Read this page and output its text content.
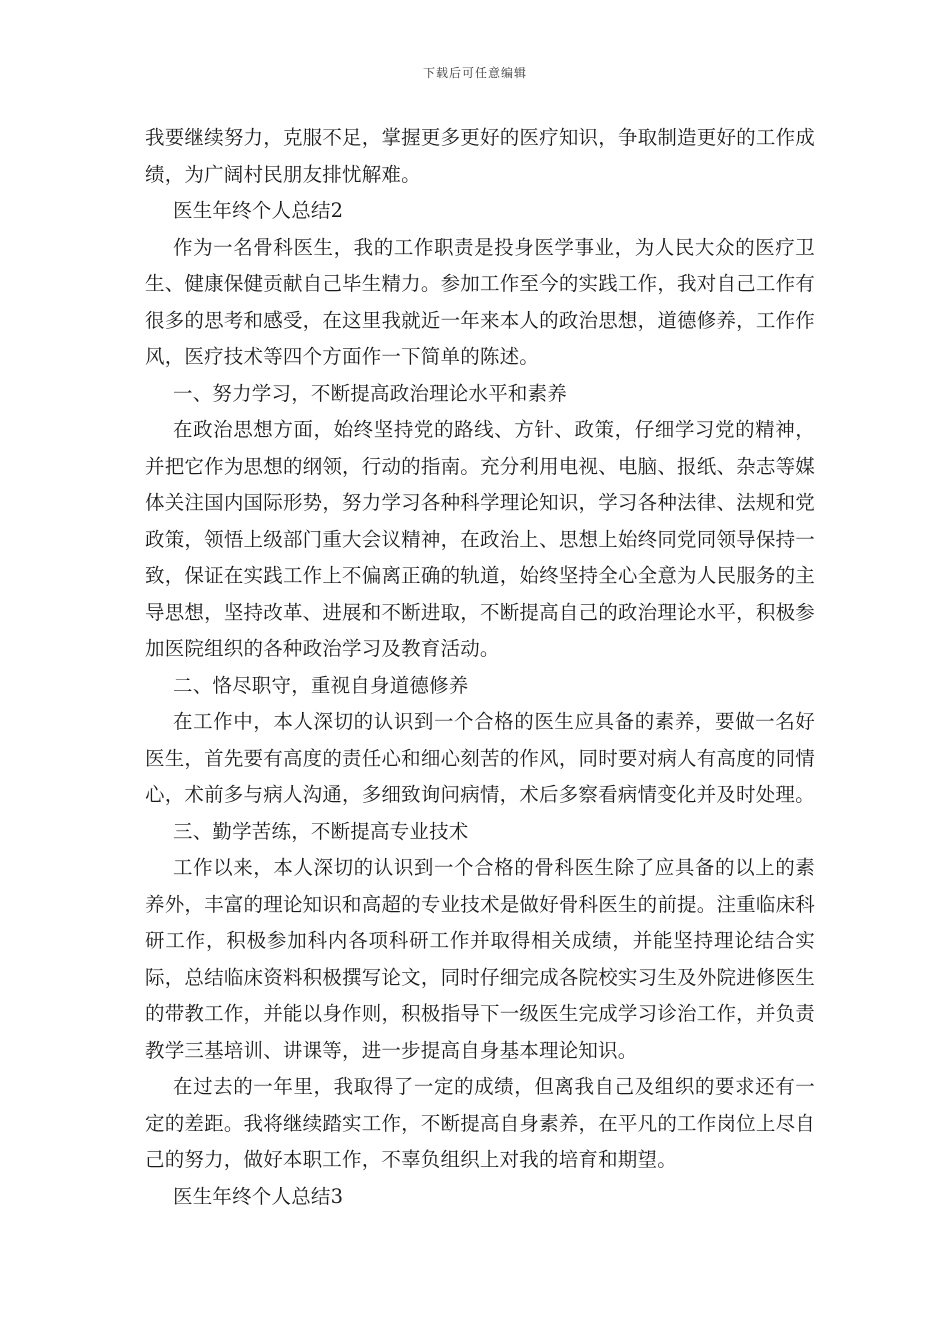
下载后可任意编辑

我要继续努力，克服不足，掌握更多更好的医疗知识，争取制造更好的工作成绩，为广阔村民朋友排忧解难。

医生年终个人总结2

作为一名骨科医生，我的工作职责是投身医学事业，为人民大众的医疗卫生、健康保健贡献自己毕生精力。参加工作至今的实践工作，我对自己工作有很多的思考和感受，在这里我就近一年来本人的政治思想，道德修养，工作作风，医疗技术等四个方面作一下简单的陈述。

一、努力学习，不断提高政治理论水平和素养

在政治思想方面，始终坚持党的路线、方针、政策，仔细学习党的精神，并把它作为思想的纲领，行动的指南。充分利用电视、电脑、报纸、杂志等媒体关注国内国际形势，努力学习各种科学理论知识，学习各种法律、法规和党政策，领悟上级部门重大会议精神，在政治上、思想上始终同党同领导保持一致，保证在实践工作上不偏离正确的轨道，始终坚持全心全意为人民服务的主导思想，坚持改革、进展和不断进取，不断提高自己的政治理论水平，积极参加医院组织的各种政治学习及教育活动。

二、恪尽职守，重视自身道德修养

在工作中，本人深切的认识到一个合格的医生应具备的素养，要做一名好医生，首先要有高度的责任心和细心刻苦的作风，同时要对病人有高度的同情心，术前多与病人沟通，多细致询问病情，术后多察看病情变化并及时处理。

三、勤学苦练，不断提高专业技术

工作以来，本人深切的认识到一个合格的骨科医生除了应具备的以上的素养外，丰富的理论知识和高超的专业技术是做好骨科医生的前提。注重临床科研工作，积极参加科内各项科研工作并取得相关成绩，并能坚持理论结合实际，总结临床资料积极撰写论文，同时仔细完成各院校实习生及外院进修医生的带教工作，并能以身作则，积极指导下一级医生完成学习诊治工作，并负责教学三基培训、讲课等，进一步提高自身基本理论知识。

在过去的一年里，我取得了一定的成绩，但离我自己及组织的要求还有一定的差距。我将继续踏实工作，不断提高自身素养，在平凡的工作岗位上尽自己的努力，做好本职工作，不辜负组织上对我的培育和期望。

医生年终个人总结3
